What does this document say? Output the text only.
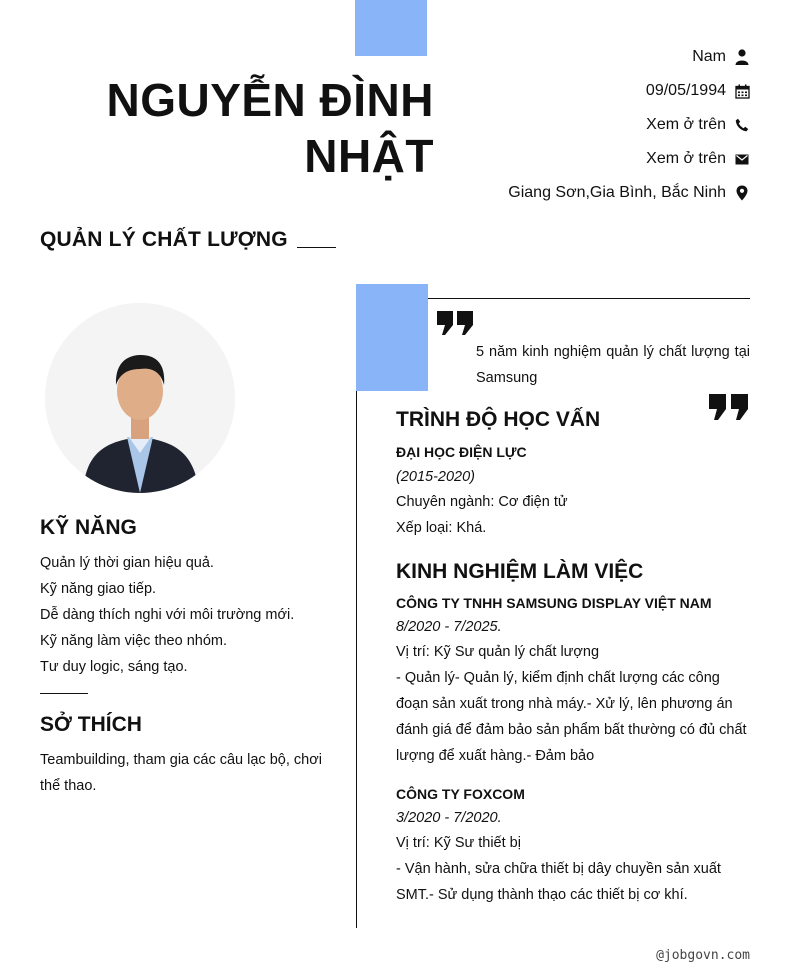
NGUYỄN ĐÌNH
NHẬT
Nam
09/05/1994
Xem ở trên
Xem ở trên
Giang Sơn,Gia Bình, Bắc Ninh
QUẢN LÝ CHẤT LƯỢNG
KỸ NĂNG
Quản lý thời gian hiệu quả.
Kỹ năng giao tiếp.
Dễ dàng thích nghi với môi trường mới.
Kỹ năng làm việc theo nhóm.
Tư duy logic, sáng tạo.
SỞ THÍCH
Teambuilding, tham gia các câu lạc bộ, chơi thể thao.
5 năm kinh nghiệm quản lý chất lượng tại Samsung
TRÌNH ĐỘ HỌC VẤN
ĐẠI HỌC ĐIỆN LỰC
(2015-2020)
Chuyên ngành: Cơ điện tử
Xếp loại: Khá.
KINH NGHIỆM LÀM VIỆC
CÔNG TY TNHH SAMSUNG DISPLAY VIỆT NAM
8/2020 - 7/2025.
Vị trí: Kỹ Sư quản lý chất lượng
- Quản lý- Quản lý, kiểm định chất lượng các công đoạn sản xuất trong nhà máy.- Xử lý, lên phương án đánh giá để đảm bảo sản phẩm bất thường có đủ chất lượng để xuất hàng.- Đảm bảo
CÔNG TY FOXCOM
3/2020 - 7/2020.
Vị trí: Kỹ Sư thiết bị
- Vận hành, sửa chữa thiết bị dây chuyền sản xuất SMT.- Sử dụng thành thạo các thiết bị cơ khí.
@jobgovn.com
